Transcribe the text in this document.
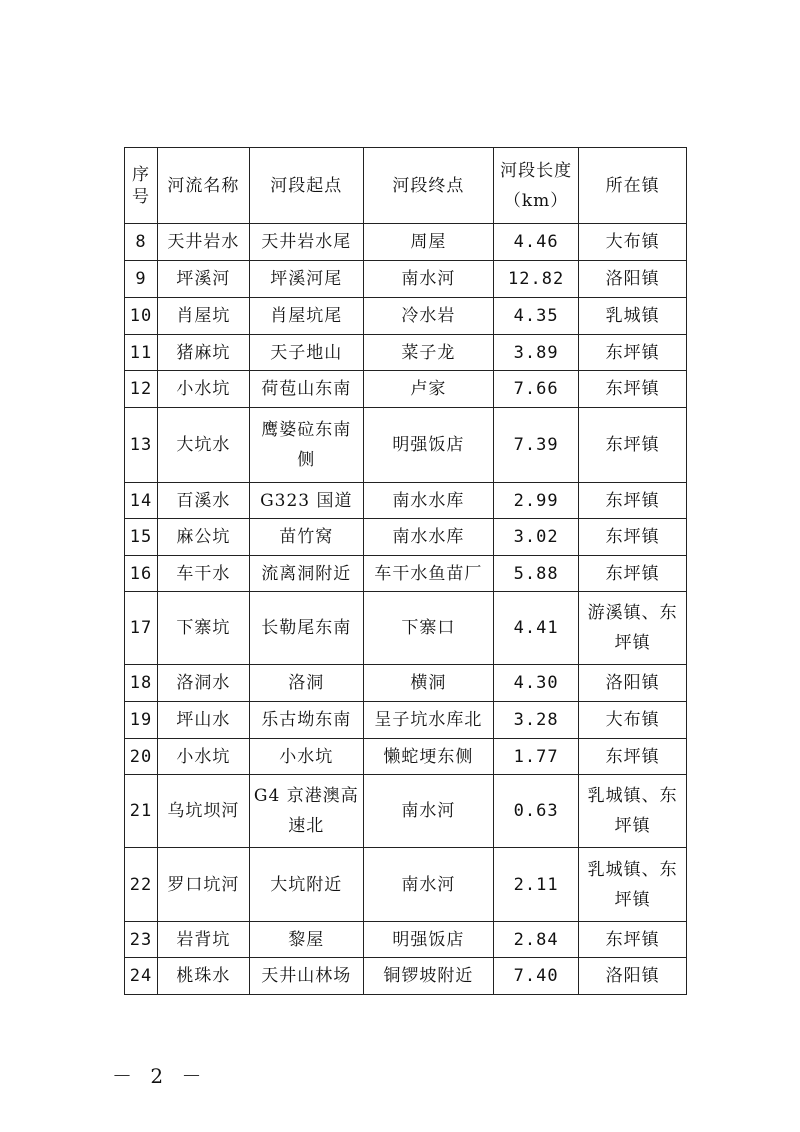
序号	河流名称	河段起点	河段终点	河段长度（km）	所在镇
8	天井岩水	天井岩水尾	周屋	4.46	大布镇
9	坪溪河	坪溪河尾	南水河	12.82	洛阳镇
10	肖屋坑	肖屋坑尾	冷水岩	4.35	乳城镇
11	猪麻坑	天子地山	菜子龙	3.89	东坪镇
12	小水坑	荷苞山东南	卢家	7.66	东坪镇
13	大坑水	鹰婆砬东南侧	明强饭店	7.39	东坪镇
14	百溪水	G323 国道	南水水库	2.99	东坪镇
15	麻公坑	苗竹窝	南水水库	3.02	东坪镇
16	车干水	流离洞附近	车干水鱼苗厂	5.88	东坪镇
17	下寨坑	长勒尾东南	下寨口	4.41	游溪镇、东坪镇
18	洛洞水	洛洞	横洞	4.30	洛阳镇
19	坪山水	乐古坳东南	呈子坑水库北	3.28	大布镇
20	小水坑	小水坑	懒蛇埂东侧	1.77	东坪镇
21	乌坑坝河	G4 京港澳高速北	南水河	0.63	乳城镇、东坪镇
22	罗口坑河	大坑附近	南水河	2.11	乳城镇、东坪镇
23	岩背坑	黎屋	明强饭店	2.84	东坪镇
24	桃珠水	天井山林场	铜锣坡附近	7.40	洛阳镇
－ 2 －
